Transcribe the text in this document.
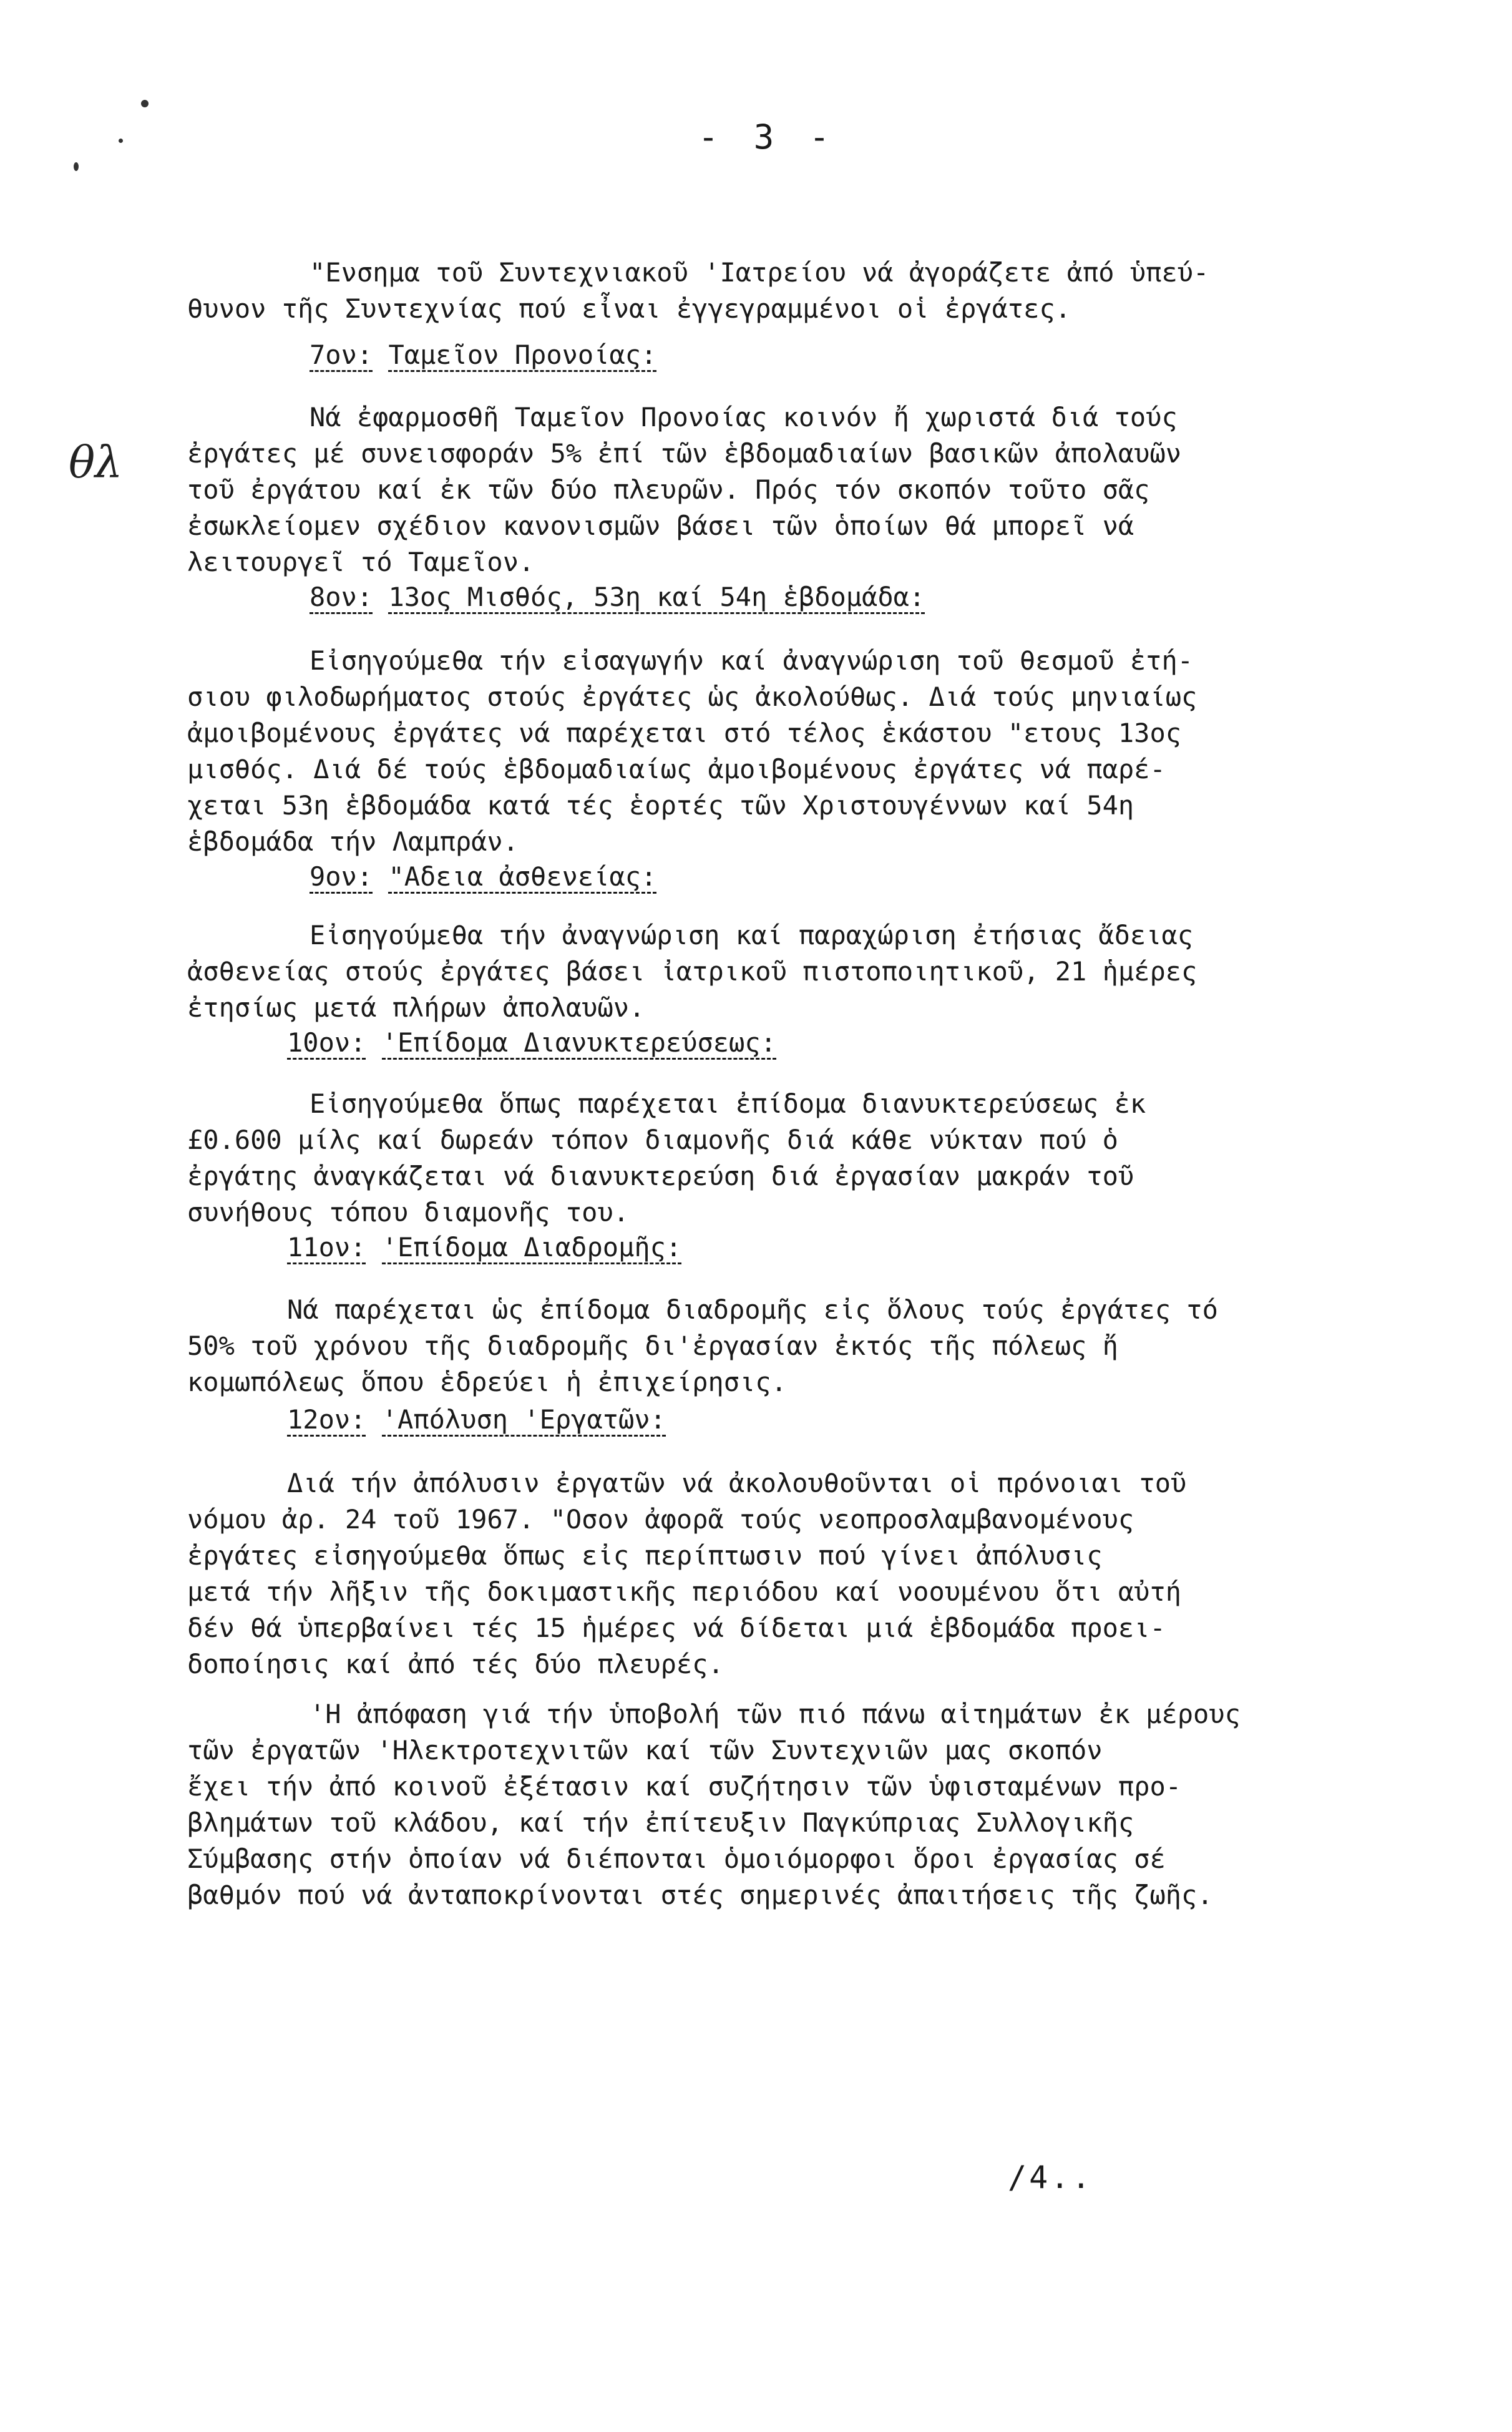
- 3 -
θλ
"Ενσημα τοῦ Συντεχνιακοῦ 'Ιατρείου νά ἀγοράζετε ἀπό ὑπεύ-
θυνον τῆς Συντεχνίας πού εἶναι ἐγγεγραμμένοι οἱ ἐργάτες.
7ον: Ταμεῖον Προνοίας:
Νά ἐφαρμοσθῆ Ταμεῖον Προνοίας κοινόν ἤ χωριστά διά τούς
ἐργάτες μέ συνεισφοράν 5% ἐπί τῶν ἑβδομαδιαίων βασικῶν ἀπολαυῶν
τοῦ ἐργάτου καί ἐκ τῶν δύο πλευρῶν. Πρός τόν σκοπόν τοῦτο σᾶς
ἐσωκλείομεν σχέδιον κανονισμῶν βάσει τῶν ὁποίων θά μπορεῖ νά
λειτουργεῖ τό Ταμεῖον.
8ον: 13ος Μισθός, 53η καί 54η ἑβδομάδα:
Εἰσηγούμεθα τήν εἰσαγωγήν καί ἀναγνώριση τοῦ θεσμοῦ ἐτή-
σιου φιλοδωρήματος στούς ἐργάτες ὡς ἀκολούθως. Διά τούς μηνιαίως
ἀμοιβομένους ἐργάτες νά παρέχεται στό τέλος ἑκάστου "ετους 13ος
μισθός. Διά δέ τούς ἑβδομαδιαίως ἀμοιβομένους ἐργάτες νά παρέ-
χεται 53η ἑβδομάδα κατά τές ἑορτές τῶν Χριστουγέννων καί 54η
ἑβδομάδα τήν Λαμπράν.
9ον: "Αδεια ἀσθενείας:
Εἰσηγούμεθα τήν ἀναγνώριση καί παραχώριση ἐτήσιας ἄδειας
ἀσθενείας στούς ἐργάτες βάσει ἰατρικοῦ πιστοποιητικοῦ, 21 ἡμέρες
ἐτησίως μετά πλήρων ἀπολαυῶν.
10ον: 'Επίδομα Διανυκτερεύσεως:
Εἰσηγούμεθα ὅπως παρέχεται ἐπίδομα διανυκτερεύσεως ἐκ
£0.600 μίλς καί δωρεάν τόπον διαμονῆς διά κάθε νύκταν πού ὁ
ἐργάτης ἀναγκάζεται νά διανυκτερεύση διά ἐργασίαν μακράν τοῦ
συνήθους τόπου διαμονῆς του.
11ον: 'Επίδομα Διαδρομῆς:
Νά παρέχεται ὡς ἐπίδομα διαδρομῆς εἰς ὅλους τούς ἐργάτες τό
50% τοῦ χρόνου τῆς διαδρομῆς δι'ἐργασίαν ἐκτός τῆς πόλεως ἤ
κομωπόλεως ὅπου ἑδρεύει ἡ ἐπιχείρησις.
12ον: 'Απόλυση 'Εργατῶν:
Διά τήν ἀπόλυσιν ἐργατῶν νά ἀκολουθοῦνται οἱ πρόνοιαι τοῦ
νόμου ἀρ. 24 τοῦ 1967. "Οσον ἀφορᾶ τούς νεοπροσλαμβανομένους
ἐργάτες εἰσηγούμεθα ὅπως εἰς περίπτωσιν πού γίνει ἀπόλυσις
μετά τήν λῆξιν τῆς δοκιμαστικῆς περιόδου καί νοουμένου ὅτι αὐτή
δέν θά ὑπερβαίνει τές 15 ἡμέρες νά δίδεται μιά ἑβδομάδα προει-
δοποίησις καί ἀπό τές δύο πλευρές.
'Η ἀπόφαση γιά τήν ὑποβολή τῶν πιό πάνω αἰτημάτων ἐκ μέρους
τῶν ἐργατῶν 'Ηλεκτροτεχνιτῶν καί τῶν Συντεχνιῶν μας σκοπόν
ἔχει τήν ἀπό κοινοῦ ἐξέτασιν καί συζήτησιν τῶν ὑφισταμένων προ-
βλημάτων τοῦ κλάδου, καί τήν ἐπίτευξιν Παγκύπριας Συλλογικῆς
Σύμβασης στήν ὁποίαν νά διέπονται ὁμοιόμορφοι ὅροι ἐργασίας σέ
βαθμόν πού νά ἀνταποκρίνονται στές σημερινές ἀπαιτήσεις τῆς ζωῆς.
/4..
